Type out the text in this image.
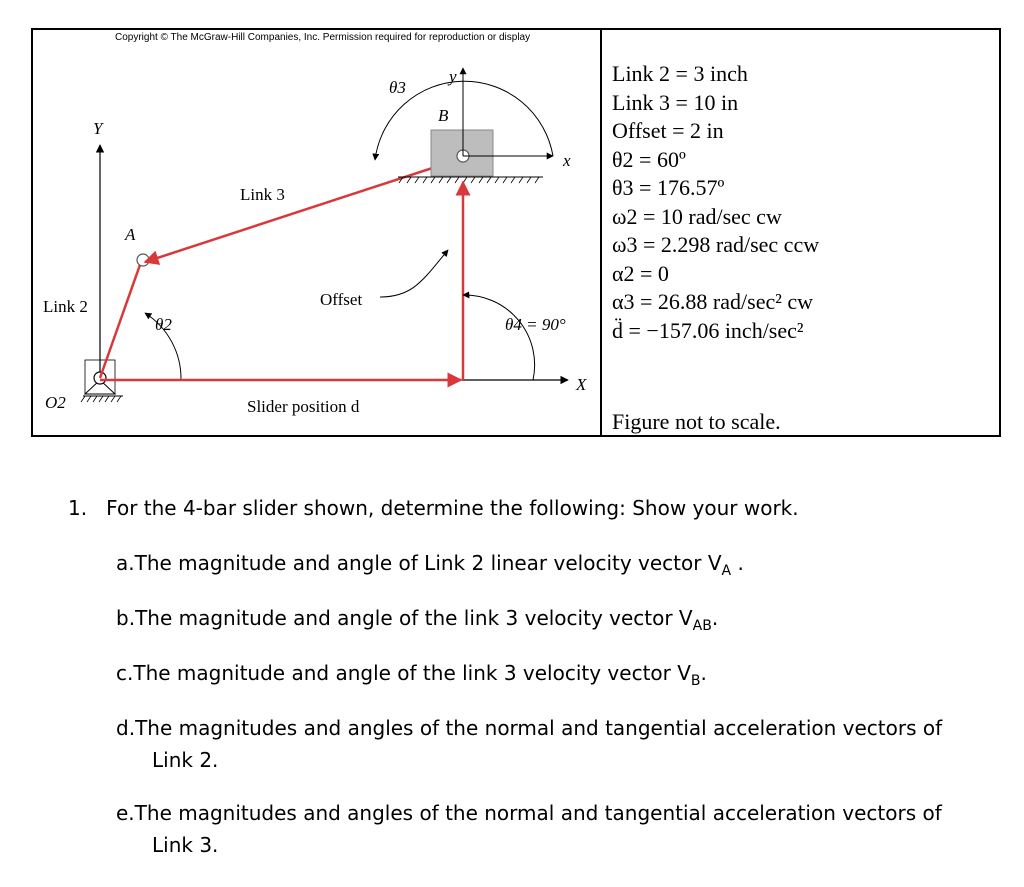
Copyright © The McGraw-Hill Companies, Inc. Permission required for reproduction or display
Y
X
O2
Link 2
θ2
A
Link 3
B
x
y
θ3
Offset
Slider position d
θ4 = 90°
Link 2 = 3 inch
Link 3 = 10 in
Offset = 2 in
θ2 = 60º
θ3 = 176.57º
ω2 = 10 rad/sec cw
ω3 = 2.298 rad/sec ccw
α2 = 0
α3 = 26.88 rad/sec² cw
d̈ = −157.06 inch/sec²
Figure not to scale.
1. For the 4-bar slider shown, determine the following: Show your work.
a.The magnitude and angle of Link 2 linear velocity vector $V_A$ .
b.The magnitude and angle of the link 3 velocity vector $V_{AB}$.
c.The magnitude and angle of the link 3 velocity vector $V_B$.
d.The magnitudes and angles of the normal and tangential acceleration vectors of
Link 2.
e.The magnitudes and angles of the normal and tangential acceleration vectors of
Link 3.
